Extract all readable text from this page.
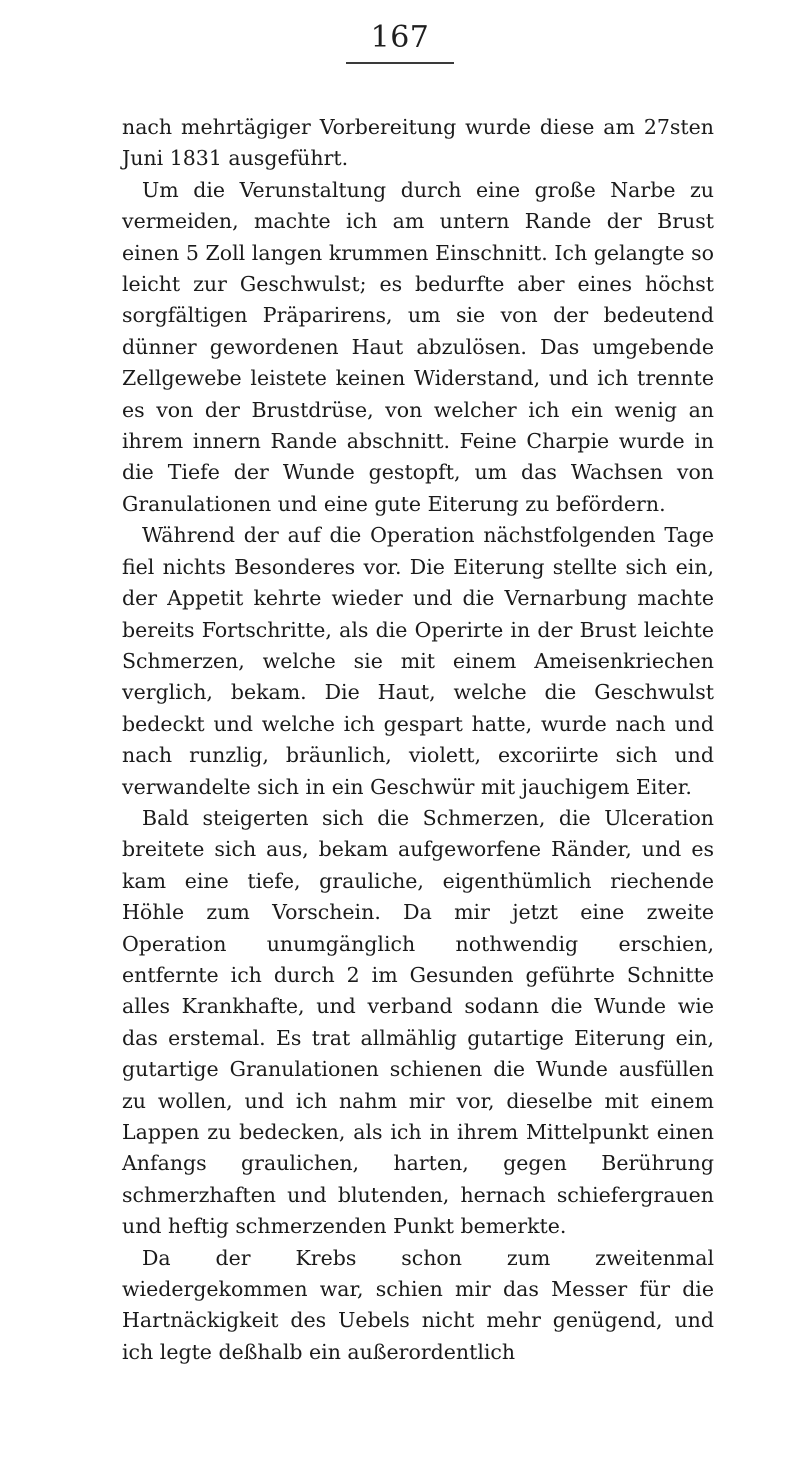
167

nach mehrtägiger Vorbereitung wurde diese am 27sten Juni 1831 ausgeführt.

Um die Verunstaltung durch eine große Narbe zu vermeiden, machte ich am untern Rande der Brust einen 5 Zoll langen krummen Einschnitt. Ich gelangte so leicht zur Geschwulst; es bedurfte aber eines höchst sorgfältigen Präparirens, um sie von der bedeutend dünner gewordenen Haut abzulösen. Das umgebende Zellgewebe leistete keinen Widerstand, und ich trennte es von der Brustdrüse, von welcher ich ein wenig an ihrem innern Rande abschnitt. Feine Charpie wurde in die Tiefe der Wunde gestopft, um das Wachsen von Granulationen und eine gute Eiterung zu befördern.

Während der auf die Operation nächstfolgenden Tage fiel nichts Besonderes vor. Die Eiterung stellte sich ein, der Appetit kehrte wieder und die Vernarbung machte bereits Fortschritte, als die Operirte in der Brust leichte Schmerzen, welche sie mit einem Ameisenkriechen verglich, bekam. Die Haut, welche die Geschwulst bedeckt und welche ich gespart hatte, wurde nach und nach runzlig, bräunlich, violett, excoriirte sich und verwandelte sich in ein Geschwür mit jauchigem Eiter.

Bald steigerten sich die Schmerzen, die Ulceration breitete sich aus, bekam aufgeworfene Ränder, und es kam eine tiefe, grauliche, eigenthümlich riechende Höhle zum Vorschein. Da mir jetzt eine zweite Operation unumgänglich nothwendig erschien, entfernte ich durch 2 im Gesunden geführte Schnitte alles Krankhafte, und verband sodann die Wunde wie das erstemal. Es trat allmählig gutartige Eiterung ein, gutartige Granulationen schienen die Wunde ausfüllen zu wollen, und ich nahm mir vor, dieselbe mit einem Lappen zu bedecken, als ich in ihrem Mittelpunkt einen Anfangs graulichen, harten, gegen Berührung schmerzhaften und blutenden, hernach schiefergrauen und heftig schmerzenden Punkt bemerkte.

Da der Krebs schon zum zweitenmal wiedergekommen war, schien mir das Messer für die Hartnäckigkeit des Uebels nicht mehr genügend, und ich legte deßhalb ein außerordentlich
